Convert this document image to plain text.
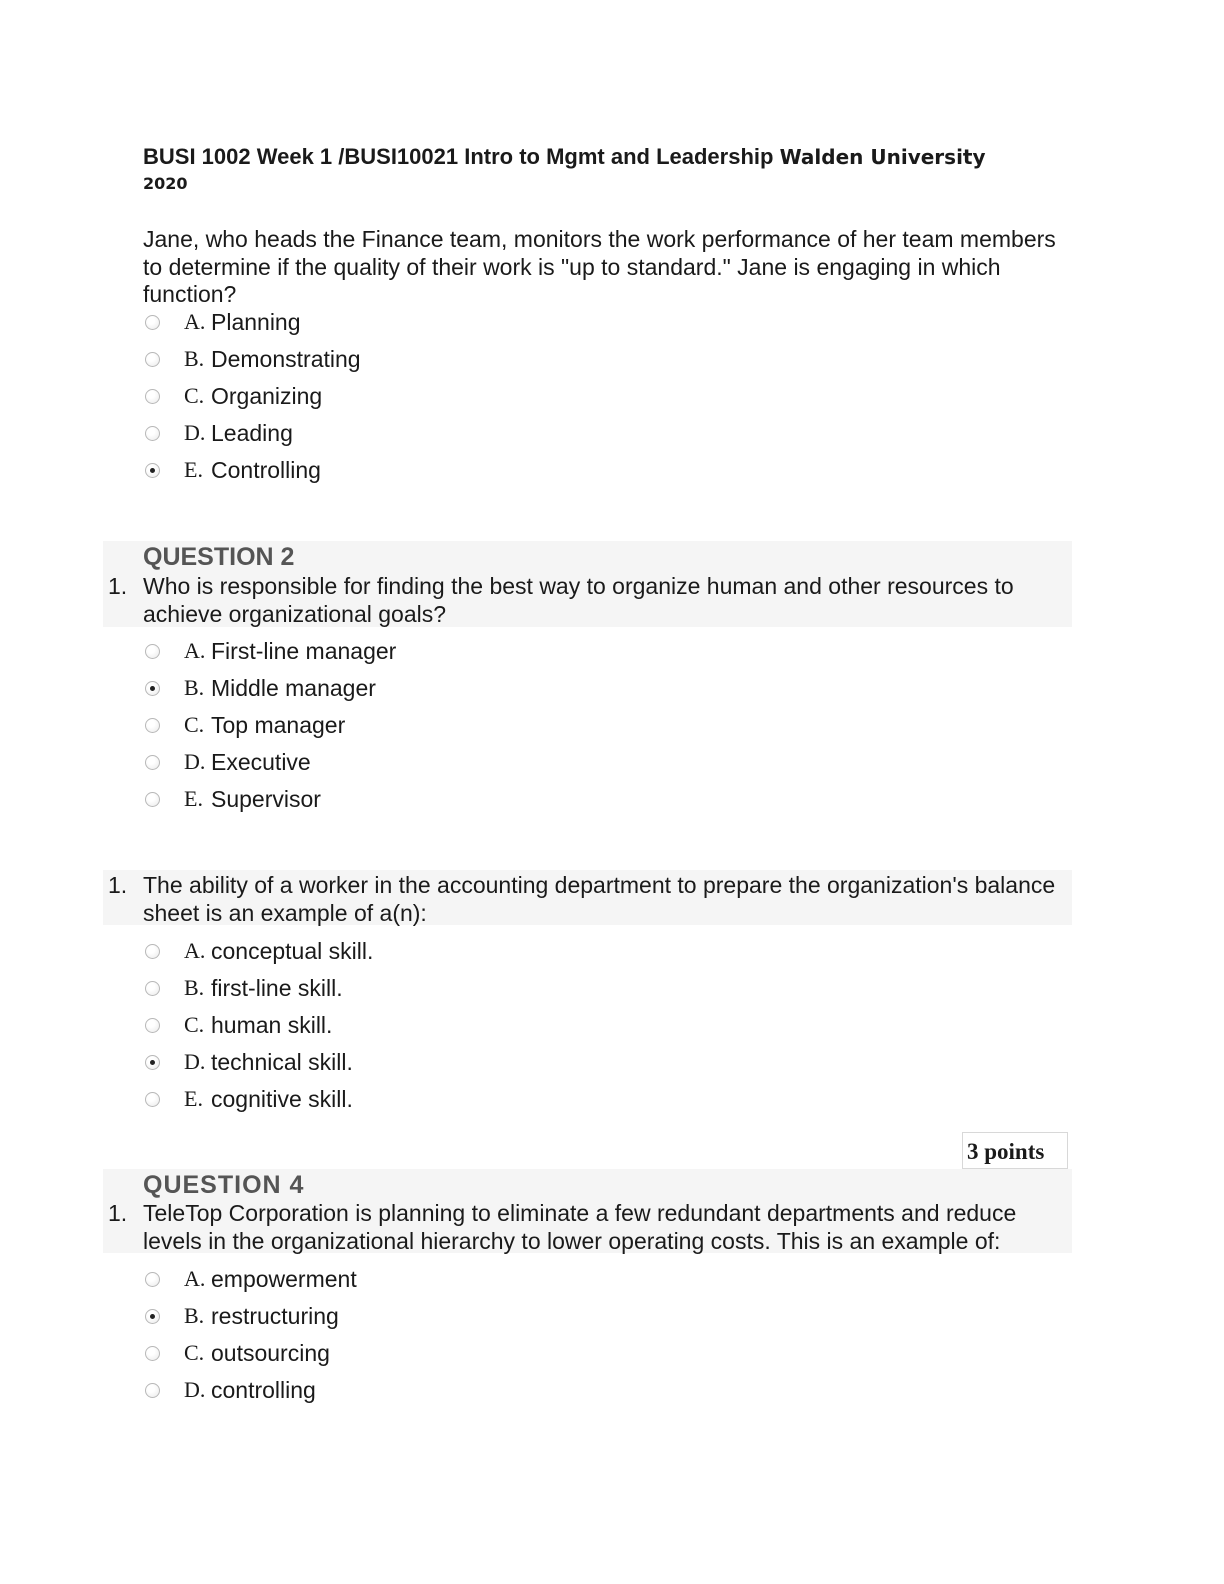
BUSI 1002 Week 1 /BUSI10021 Intro to Mgmt and Leadership Walden University
2020
Jane, who heads the Finance team, monitors the work performance of her team members to determine if the quality of their work is "up to standard." Jane is engaging in which function?
A. Planning
B. Demonstrating
C. Organizing
D. Leading
E. Controlling
QUESTION 2
1. Who is responsible for finding the best way to organize human and other resources to achieve organizational goals?
A. First-line manager
B. Middle manager
C. Top manager
D. Executive
E. Supervisor
1. The ability of a worker in the accounting department to prepare the organization's balance sheet is an example of a(n):
A. conceptual skill.
B. first-line skill.
C. human skill.
D. technical skill.
E. cognitive skill.
3 points
QUESTION 4
1. TeleTop Corporation is planning to eliminate a few redundant departments and reduce levels in the organizational hierarchy to lower operating costs. This is an example of:
A. empowerment
B. restructuring
C. outsourcing
D. controlling
